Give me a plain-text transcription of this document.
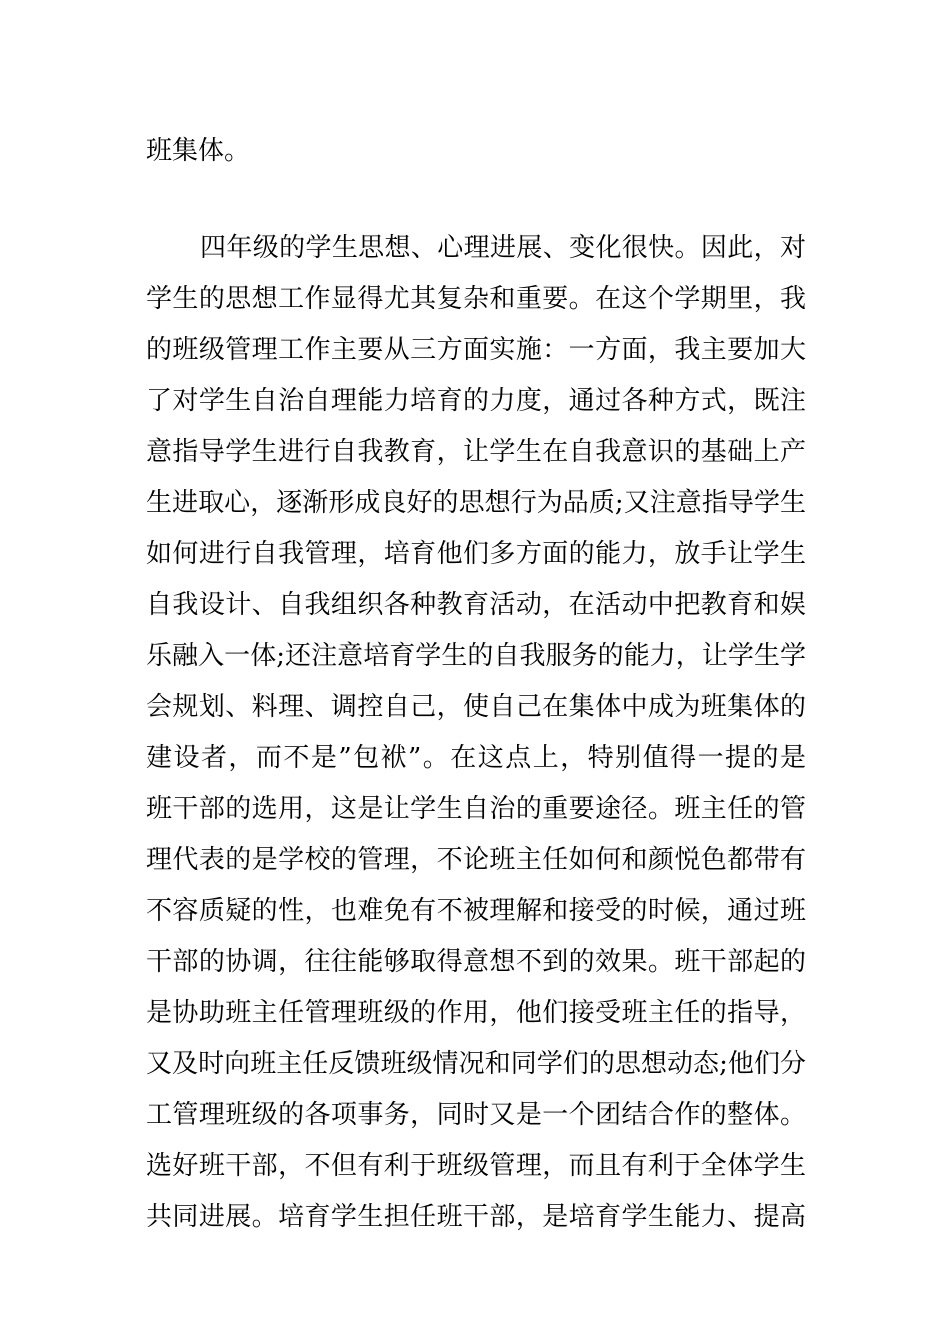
班集体。
四年级的学生思想、心理进展、变化很快。因此，对
学生的思想工作显得尤其复杂和重要。在这个学期里，我
的班级管理工作主要从三方面实施：一方面，我主要加大
了对学生自治自理能力培育的力度，通过各种方式，既注
意指导学生进行自我教育，让学生在自我意识的基础上产
生进取心，逐渐形成良好的思想行为品质;又注意指导学生
如何进行自我管理，培育他们多方面的能力，放手让学生
自我设计、自我组织各种教育活动，在活动中把教育和娱
乐融入一体;还注意培育学生的自我服务的能力，让学生学
会规划、料理、调控自己，使自己在集体中成为班集体的
建设者，而不是”包袱”。在这点上，特别值得一提的是
班干部的选用，这是让学生自治的重要途径。班主任的管
理代表的是学校的管理，不论班主任如何和颜悦色都带有
不容质疑的性，也难免有不被理解和接受的时候，通过班
干部的协调，往往能够取得意想不到的效果。班干部起的
是协助班主任管理班级的作用，他们接受班主任的指导，
又及时向班主任反馈班级情况和同学们的思想动态;他们分
工管理班级的各项事务，同时又是一个团结合作的整体。
选好班干部，不但有利于班级管理，而且有利于全体学生
共同进展。培育学生担任班干部，是培育学生能力、提高
